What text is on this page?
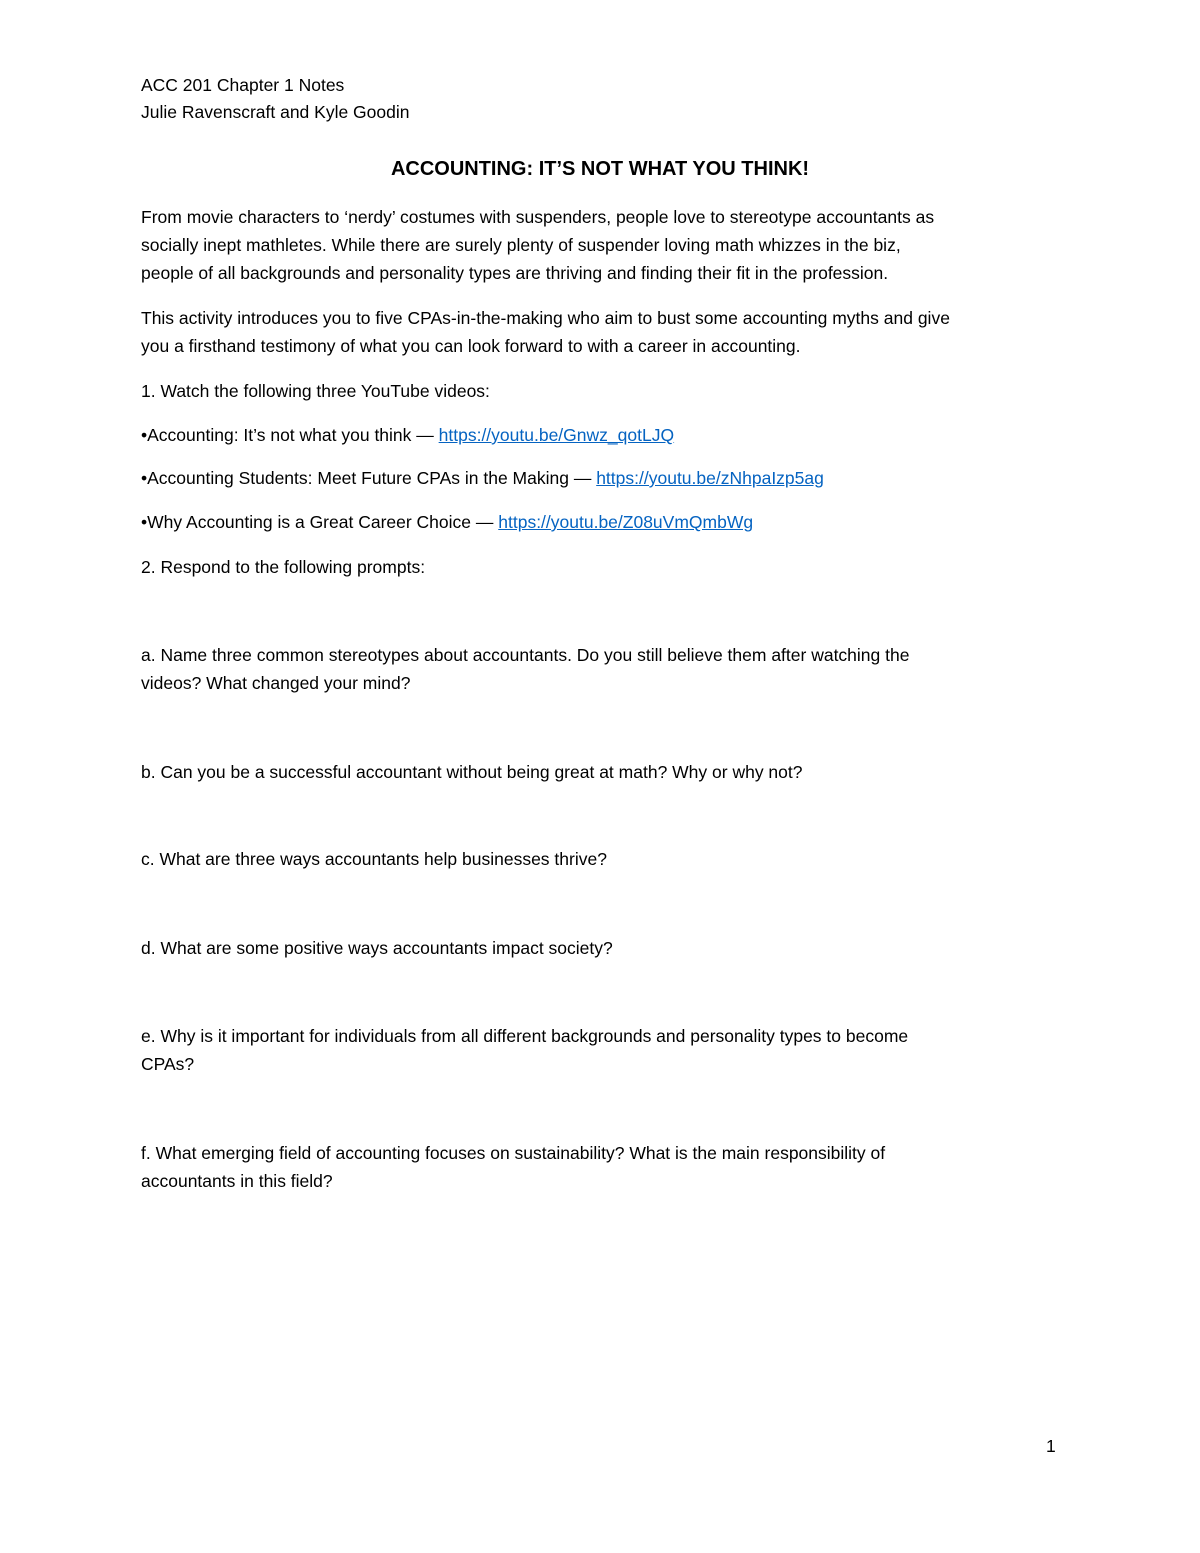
ACC 201 Chapter 1 Notes
Julie Ravenscraft and Kyle Goodin
ACCOUNTING: IT’S NOT WHAT YOU THINK!
From movie characters to ‘nerdy’ costumes with suspenders, people love to stereotype accountants as
socially inept mathletes. While there are surely plenty of suspender loving math whizzes in the biz,
people of all backgrounds and personality types are thriving and finding their fit in the profession.
This activity introduces you to five CPAs-in-the-making who aim to bust some accounting myths and give
you a firsthand testimony of what you can look forward to with a career in accounting.
1. Watch the following three YouTube videos:
•Accounting: It’s not what you think — https://youtu.be/Gnwz_qotLJQ
•Accounting Students: Meet Future CPAs in the Making — https://youtu.be/zNhpaIzp5ag
•Why Accounting is a Great Career Choice — https://youtu.be/Z08uVmQmbWg
2. Respond to the following prompts:
a. Name three common stereotypes about accountants. Do you still believe them after watching the
videos? What changed your mind?
b. Can you be a successful accountant without being great at math? Why or why not?
c. What are three ways accountants help businesses thrive?
d. What are some positive ways accountants impact society?
e. Why is it important for individuals from all different backgrounds and personality types to become
CPAs?
f. What emerging field of accounting focuses on sustainability? What is the main responsibility of
accountants in this field?
1
